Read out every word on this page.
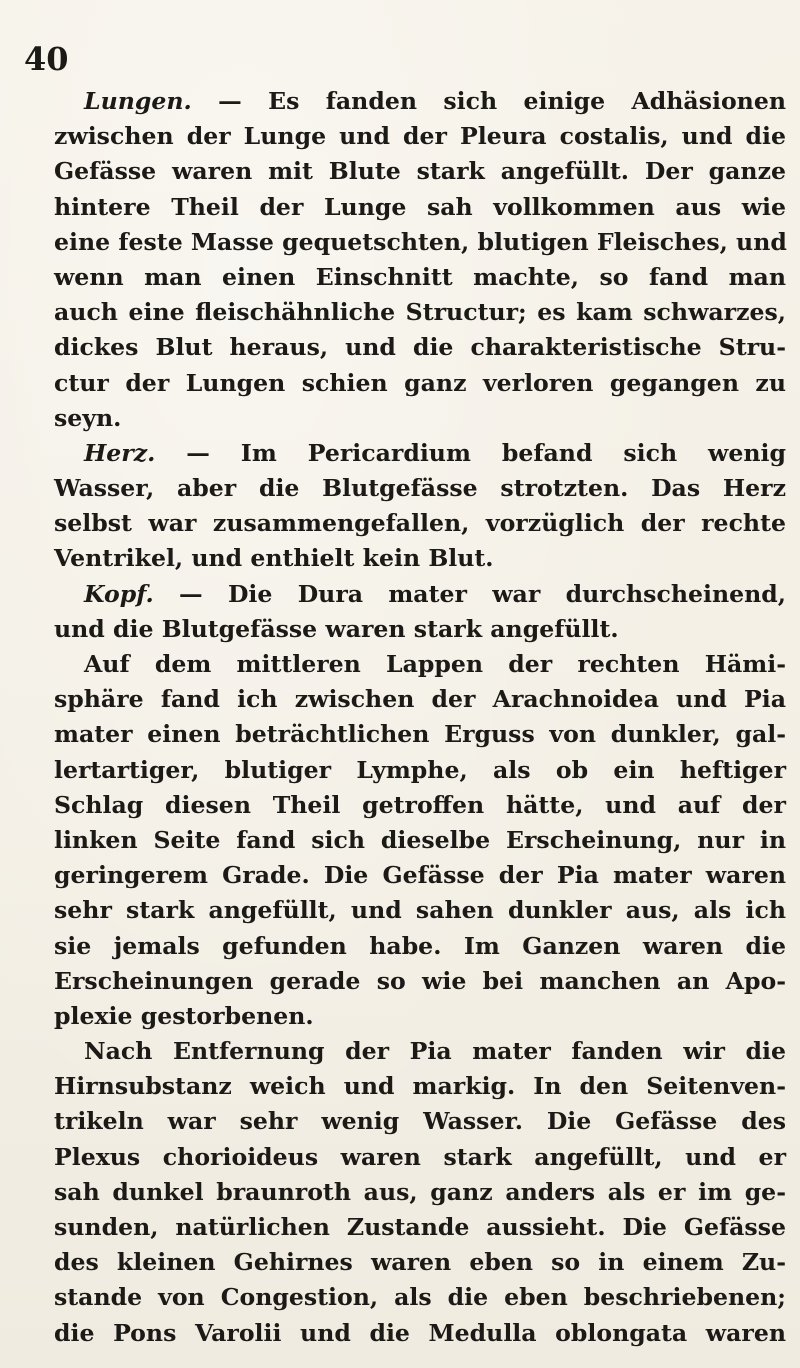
40
Lungen. — Es fanden sich einige Adhäsionen
zwischen der Lunge und der Pleura costalis, und die
Gefässe waren mit Blute stark angefüllt. Der ganze
hintere Theil der Lunge sah vollkommen aus wie
eine feste Masse gequetschten, blutigen Fleisches, und
wenn man einen Einschnitt machte, so fand man
auch eine fleischähnliche Structur; es kam schwarzes,
dickes Blut heraus, und die charakteristische Stru-
ctur der Lungen schien ganz verloren gegangen zu
seyn.
Herz. — Im Pericardium befand sich wenig
Wasser, aber die Blutgefässe strotzten. Das Herz
selbst war zusammengefallen, vorzüglich der rechte
Ventrikel, und enthielt kein Blut.
Kopf. — Die Dura mater war durchscheinend,
und die Blutgefässe waren stark angefüllt.
Auf dem mittleren Lappen der rechten Hämi-
sphäre fand ich zwischen der Arachnoidea und Pia
mater einen beträchtlichen Erguss von dunkler, gal-
lertartiger, blutiger Lymphe, als ob ein heftiger
Schlag diesen Theil getroffen hätte, und auf der
linken Seite fand sich dieselbe Erscheinung, nur in
geringerem Grade. Die Gefässe der Pia mater waren
sehr stark angefüllt, und sahen dunkler aus, als ich
sie jemals gefunden habe. Im Ganzen waren die
Erscheinungen gerade so wie bei manchen an Apo-
plexie gestorbenen.
Nach Entfernung der Pia mater fanden wir die
Hirnsubstanz weich und markig. In den Seitenven-
trikeln war sehr wenig Wasser. Die Gefässe des
Plexus chorioideus waren stark angefüllt, und er
sah dunkel braunroth aus, ganz anders als er im ge-
sunden, natürlichen Zustande aussieht. Die Gefässe
des kleinen Gehirnes waren eben so in einem Zu-
stande von Congestion, als die eben beschriebenen;
die Pons Varolii und die Medulla oblongata waren
